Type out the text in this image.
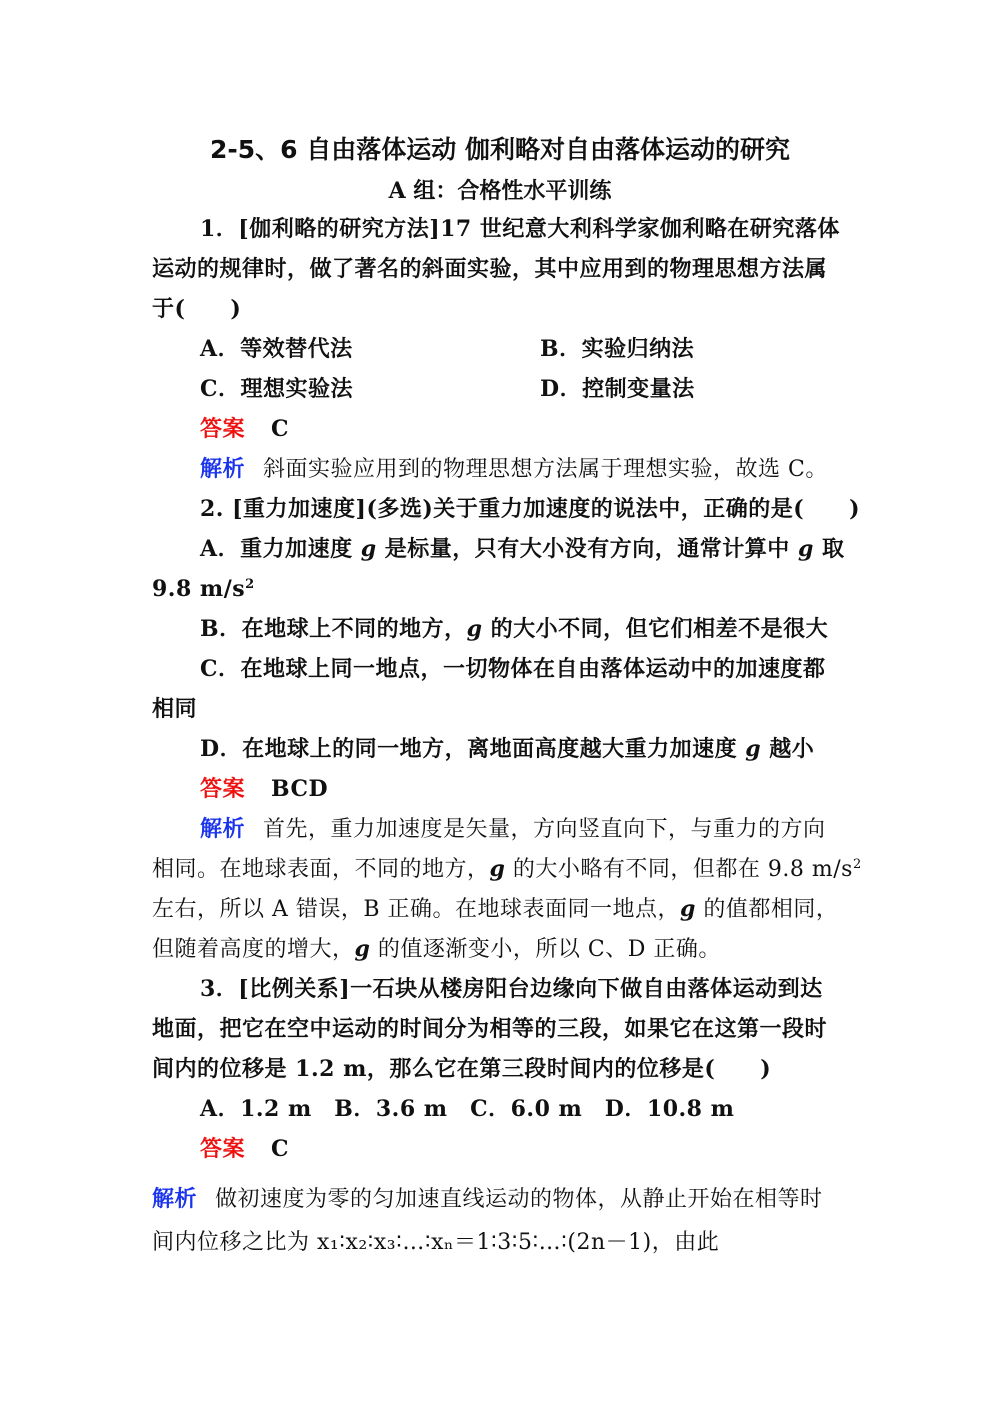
2-5、6 自由落体运动 伽利略对自由落体运动的研究
A 组：合格性水平训练
1．[伽利略的研究方法]17 世纪意大利科学家伽利略在研究落体
运动的规律时，做了著名的斜面实验，其中应用到的物理思想方法属
于(　　)
A．等效替代法	B．实验归纳法
C．理想实验法	D．控制变量法
答案 C
解析 斜面实验应用到的物理思想方法属于理想实验，故选 C。
2. [重力加速度](多选)关于重力加速度的说法中，正确的是(　　)
A．重力加速度 g 是标量，只有大小没有方向，通常计算中 g 取
9.8 $m/s^2$
B．在地球上不同的地方，g 的大小不同，但它们相差不是很大
C．在地球上同一地点，一切物体在自由落体运动中的加速度都
相同
D．在地球上的同一地方，离地面高度越大重力加速度 g 越小
答案 BCD
解析 首先，重力加速度是矢量，方向竖直向下，与重力的方向
相同。在地球表面，不同的地方，g 的大小略有不同，但都在 9.8 $m/s^2$
左右，所以 A 错误，B 正确。在地球表面同一地点，g 的值都相同，
但随着高度的增大，g 的值逐渐变小，所以 C、D 正确。
3．[比例关系]一石块从楼房阳台边缘向下做自由落体运动到达
地面，把它在空中运动的时间分为相等的三段，如果它在这第一段时
间内的位移是 1.2 m，那么它在第三段时间内的位移是(　　)
A．1.2 m　B．3.6 m　C．6.0 m　D．10.8 m
答案 C
解析 做初速度为零的匀加速直线运动的物体，从静止开始在相等时
间内位移之比为 x₁∶x₂∶x₃∶…∶xₙ＝1∶3∶5∶…∶(2n－1)，由此
